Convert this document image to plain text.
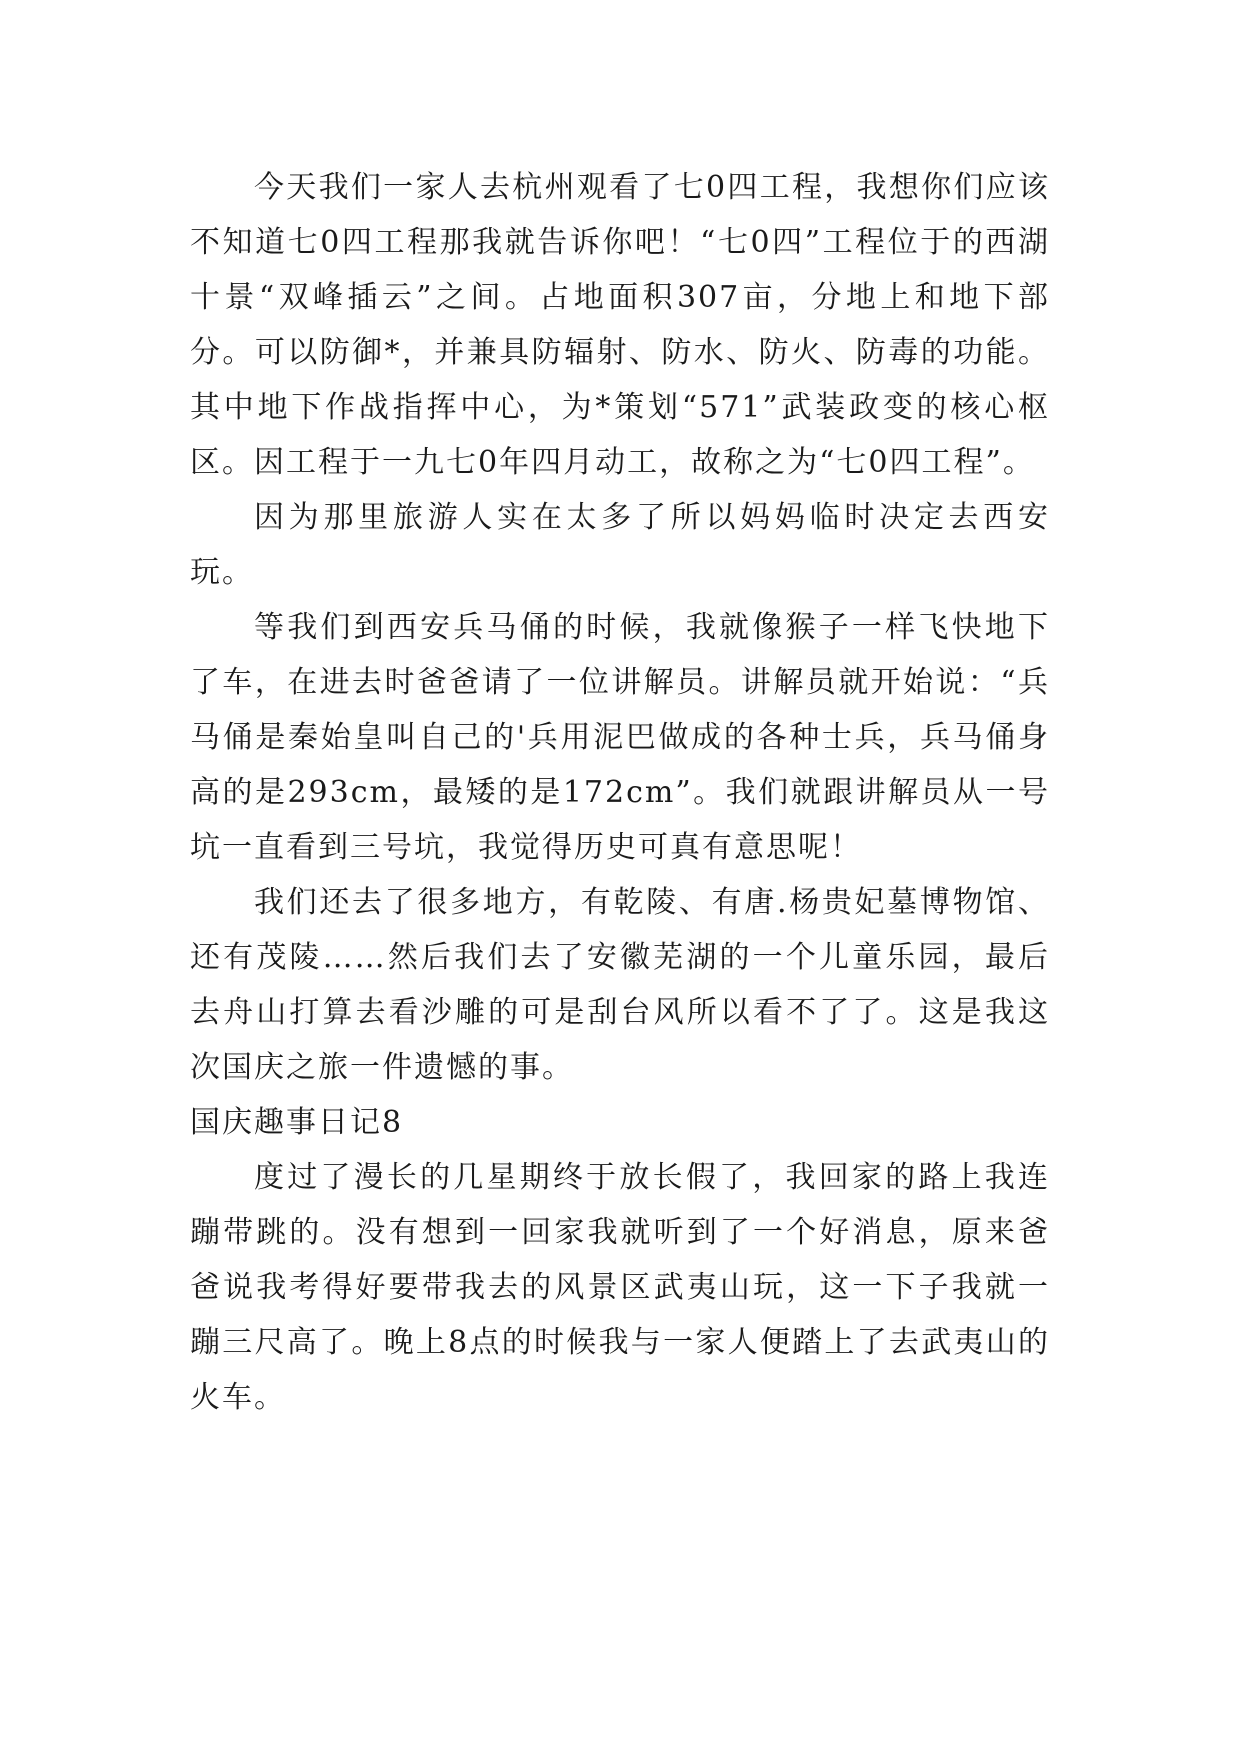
今天我们一家人去杭州观看了七0四工程，我想你们应该不知道七0四工程那我就告诉你吧！“七0四”工程位于的西湖十景“双峰插云”之间。占地面积307亩，分地上和地下部分。可以防御*，并兼具防辐射、防水、防火、防毒的功能。其中地下作战指挥中心，为*策划“571”武装政变的核心枢区。因工程于一九七0年四月动工，故称之为“七0四工程”。

因为那里旅游人实在太多了所以妈妈临时决定去西安玩。

等我们到西安兵马俑的时候，我就像猴子一样飞快地下了车，在进去时爸爸请了一位讲解员。讲解员就开始说：“兵马俑是秦始皇叫自己的'兵用泥巴做成的各种士兵，兵马俑身高的是293cm，最矮的是172cm”。我们就跟讲解员从一号坑一直看到三号坑，我觉得历史可真有意思呢！

我们还去了很多地方，有乾陵、有唐.杨贵妃墓博物馆、还有茂陵……然后我们去了安徽芜湖的一个儿童乐园，最后去舟山打算去看沙雕的可是刮台风所以看不了了。这是我这次国庆之旅一件遗憾的事。

国庆趣事日记8

度过了漫长的几星期终于放长假了，我回家的路上我连蹦带跳的。没有想到一回家我就听到了一个好消息，原来爸爸说我考得好要带我去的风景区武夷山玩，这一下子我就一蹦三尺高了。晚上8点的时候我与一家人便踏上了去武夷山的火车。
